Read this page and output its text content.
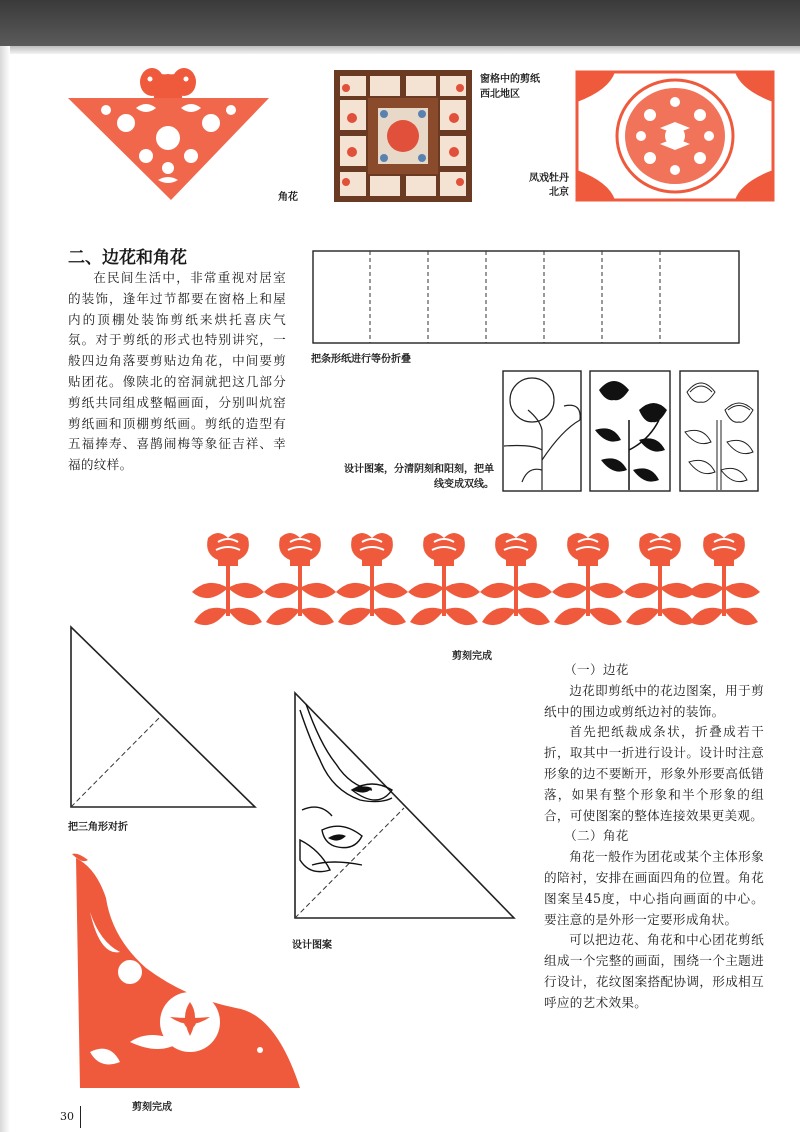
角花
窗格中的剪纸
西北地区
凤戏牡丹
北京
二、边花和角花

在民间生活中，非常重视对居室的装饰，逢年过节都要在窗格上和屋内的顶棚处装饰剪纸来烘托喜庆气氛。对于剪纸的形式也特别讲究，一般四边角落要剪贴边角花，中间要剪贴团花。像陕北的窑洞就把这几部分剪纸共同组成整幅画面，分别叫炕窑剪纸画和顶棚剪纸画。剪纸的造型有五福捧寿、喜鹊闹梅等象征吉祥、幸福的纹样。

把条形纸进行等份折叠
设计图案，分清阴刻和阳刻，把单线变成双线。
剪刻完成
把三角形对折
设计图案
剪刻完成

（一）边花

边花即剪纸中的花边图案，用于剪纸中的围边或剪纸边衬的装饰。

首先把纸裁成条状，折叠成若干折，取其中一折进行设计。设计时注意形象的边不要断开，形象外形要高低错落，如果有整个形象和半个形象的组合，可使图案的整体连接效果更美观。

（二）角花

角花一般作为团花或某个主体形象的陪衬，安排在画面四角的位置。角花图案呈45度，中心指向画面的中心。要注意的是外形一定要形成角状。

可以把边花、角花和中心团花剪纸组成一个完整的画面，围绕一个主题进行设计，花纹图案搭配协调，形成相互呼应的艺术效果。

30
